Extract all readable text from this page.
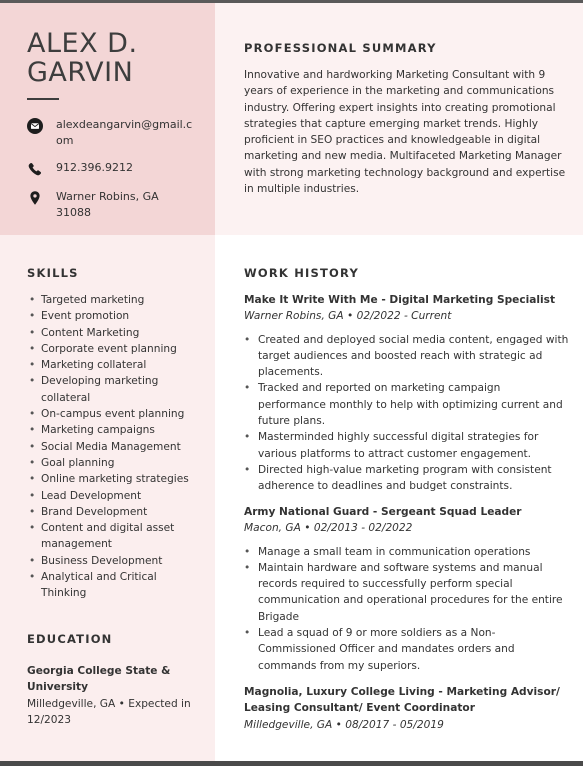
ALEX D.
GARVIN
alexdeangarvin@gmail.c om
912.396.9212
Warner Robins, GA 31088
PROFESSIONAL SUMMARY
Innovative and hardworking Marketing Consultant with 9 years of experience in the marketing and communications industry. Offering expert insights into creating promotional strategies that capture emerging market trends. Highly proficient in SEO practices and knowledgeable in digital marketing and new media. Multifaceted Marketing Manager with strong marketing technology background and expertise in multiple industries.
SKILLS
• Targeted marketing
• Event promotion
• Content Marketing
• Corporate event planning
• Marketing collateral
• Developing marketing collateral
• On-campus event planning
• Marketing campaigns
• Social Media Management
• Goal planning
• Online marketing strategies
• Lead Development
• Brand Development
• Content and digital asset management
• Business Development
• Analytical and Critical Thinking
EDUCATION
Georgia College State & University
Milledgeville, GA • Expected in 12/2023
WORK HISTORY
Make It Write With Me - Digital Marketing Specialist
Warner Robins, GA • 02/2022 - Current
• Created and deployed social media content, engaged with target audiences and boosted reach with strategic ad placements.
• Tracked and reported on marketing campaign performance monthly to help with optimizing current and future plans.
• Masterminded highly successful digital strategies for various platforms to attract customer engagement.
• Directed high-value marketing program with consistent adherence to deadlines and budget constraints.
Army National Guard - Sergeant Squad Leader
Macon, GA • 02/2013 - 02/2022
• Manage a small team in communication operations
• Maintain hardware and software systems and manual records required to successfully perform special communication and operational procedures for the entire Brigade
• Lead a squad of 9 or more soldiers as a Non-Commissioned Officer and mandates orders and commands from my superiors.
Magnolia, Luxury College Living - Marketing Advisor/ Leasing Consultant/ Event Coordinator
Milledgeville, GA • 08/2017 - 05/2019
